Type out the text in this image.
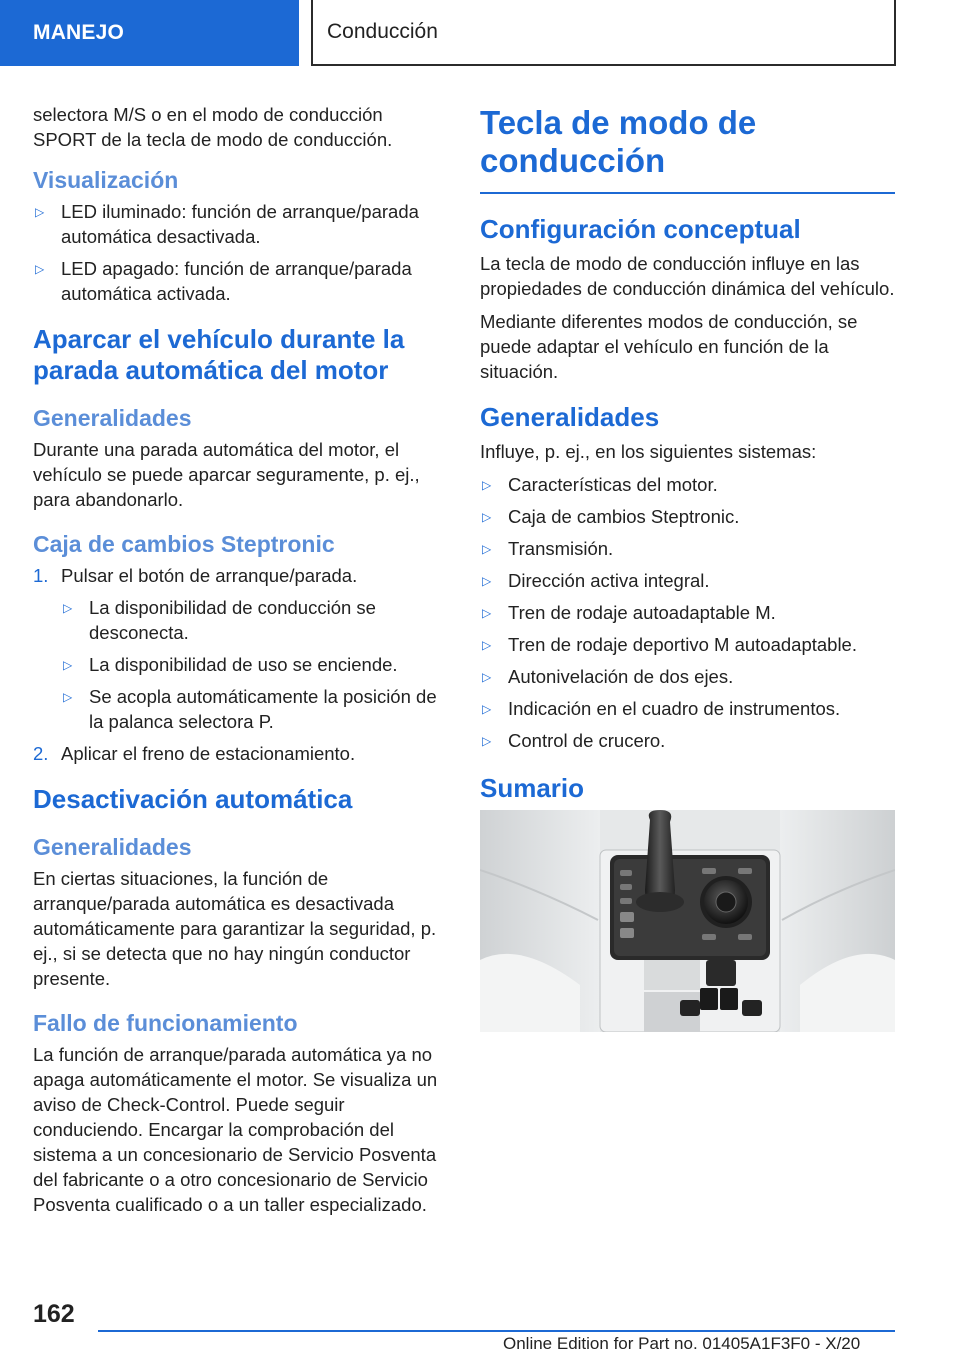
MANEJO	Conducción

selectora M/S o en el modo de conducción SPORT de la tecla de modo de conducción.

Visualización
▷ LED iluminado: función de arranque/parada automática desactivada.
▷ LED apagado: función de arranque/parada automática activada.
Aparcar el vehículo durante la parada automática del motor
Generalidades

Durante una parada automática del motor, el vehículo se puede aparcar seguramente, p. ej., para abandonarlo.

Caja de cambios Steptronic
1. Pulsar el botón de arranque/parada.
▷ La disponibilidad de conducción se desconecta.
▷ La disponibilidad de uso se enciende.
▷ Se acopla automáticamente la posición de la palanca selectora P.
2. Aplicar el freno de estacionamiento.
Desactivación automática
Generalidades

En ciertas situaciones, la función de arranque/parada automática es desactivada automáticamente para garantizar la seguridad, p. ej., si se detecta que no hay ningún conductor presente.

Fallo de funcionamiento

La función de arranque/parada automática ya no apaga automáticamente el motor. Se visualiza un aviso de Check-Control. Puede seguir conduciendo. Encargar la comprobación del sistema a un concesionario de Servicio Posventa del fabricante o a otro concesionario de Servicio Posventa cualificado o a un taller especializado.

Tecla de modo de conducción
Configuración conceptual

La tecla de modo de conducción influye en las propiedades de conducción dinámica del vehículo.

Mediante diferentes modos de conducción, se puede adaptar el vehículo en función de la situación.

Generalidades

Influye, p. ej., en los siguientes sistemas:

▷ Características del motor.
▷ Caja de cambios Steptronic.
▷ Transmisión.
▷ Dirección activa integral.
▷ Tren de rodaje autoadaptable M.
▷ Tren de rodaje deportivo M autoadaptable.
▷ Autonivelación de dos ejes.
▷ Indicación en el cuadro de instrumentos.
▷ Control de crucero.
Sumario
162
Online Edition for Part no. 01405A1F3F0 - X/20
